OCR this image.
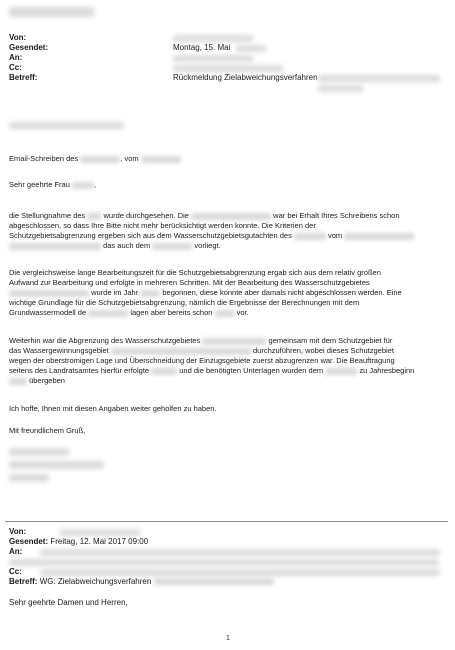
Von:
Gesendet:	Montag, 15. Mai
An:
Cc:
Betreff:	Rückmeldung Zielabweichungsverfahren
Email-Schreiben des	, vom
Sehr geehrte Frau	,
die Stellungnahme des wurde durchgesehen. Die	war bei Erhalt Ihres Schreibens schon
abgeschlossen, so dass Ihre Bitte nicht mehr berücksichtigt werden konnte. Die Kriterien der
Schutzgebietsabgrenzung ergeben sich aus dem Wasserschutzgebietsgutachten des	vom
das auch dem	vorliegt.
Die vergleichsweise lange Bearbeitungszeit für die Schutzgebietsabgrenzung ergab sich aus dem relativ großen
Aufwand zur Bearbeitung und erfolgte in mehreren Schritten. Mit der Bearbeitung des Wasserschutzgebietes
wurde im Jahr	begonnen, diese konnte aber damals nicht abgeschlossen werden. Eine
wichtige Grundlage für die Schutzgebietsabgrenzung, nämlich die Ergebnisse der Berechnungen mit dem
Grundwassermodell de	lagen aber bereits schon	vor.
Weiterhin war die Abgrenzung des Wasserschutzgebietes	gemeinsam mit dem Schutzgebiet für
das Wassergewinnungsgebiet	durchzuführen, wobei dieses Schutzgebiet
wegen der oberstromigen Lage und Überschneidung der Einzugsgebiete zuerst abzugrenzen war. Die Beauftragung
seitens des Landratsamtes hierfür erfolgte	und die benötigten Unterlagen wurden dem	zu Jahresbeginn
übergeben
Ich hoffe, Ihnen mit diesen Angaben weiter geholfen zu haben.
Mit freundlichem Gruß,
Von:
Gesendet: Freitag, 12. Mai 2017 09:00
An:
Cc:
Betreff: WG: Zielabweichungsverfahren
Sehr geehrte Damen und Herren,
1
